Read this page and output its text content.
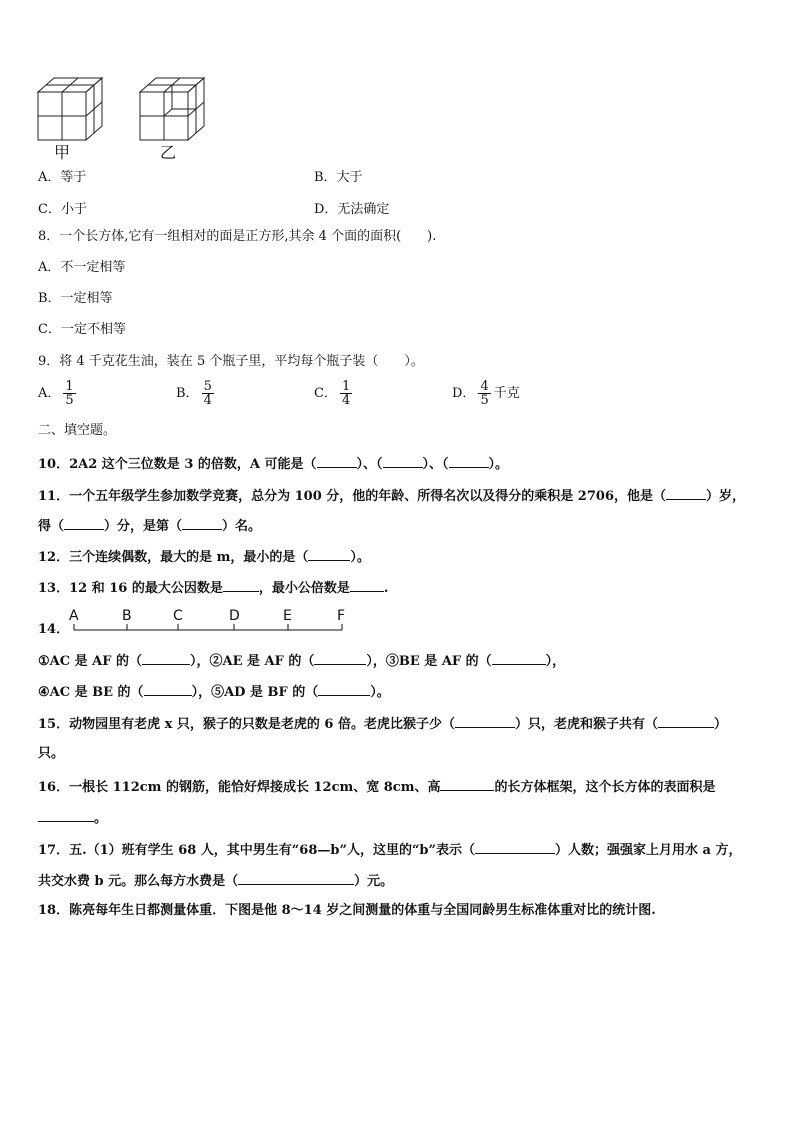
甲	乙
A．等于	B．大于
C．小于	D．无法确定
8．一个长方体,它有一组相对的面是正方形,其余 4 个面的面积(　　).
A．不一定相等
B．一定相等
C．一定不相等
9．将 4 千克花生油，装在 5 个瓶子里，平均每个瓶子装（　　）。
A． $\frac{1}{5}$	B． $\frac{5}{4}$	C． $\frac{1}{4}$	D． $\frac{4}{5}$ 千克
二、填空题。
10．2A2 这个三位数是 3 的倍数，A 可能是（	）、（	）、（	）。
11．一个五年级学生参加数学竞赛，总分为 100 分，他的年龄、所得名次以及得分的乘积是 2706，他是（	）岁，
得（	）分，是第（	）名。
12．三个连续偶数，最大的是 m，最小的是（	）。
13．12 和 16 的最大公因数是	，最小公倍数是	.
14．
A	B	C	D	E	F
①AC 是 AF 的（	），②AE 是 AF 的（	），③BE 是 AF 的（	），
④AC 是 BE 的（	），⑤AD 是 BF 的（	）。
15．动物园里有老虎 x 只，猴子的只数是老虎的 6 倍。老虎比猴子少（	）只，老虎和猴子共有（	）
只。
16．一根长 112cm 的钢筋，能恰好焊接成长 12cm、宽 8cm、高	的长方体框架，这个长方体的表面积是
。
17．五.（1）班有学生 68 人，其中男生有“68—b”人，这里的“b”表示（	）人数；强强家上月用水 a 方，
共交水费 b 元。那么每方水费是（	）元。
18．陈亮每年生日都测量体重．下图是他 8～14 岁之间测量的体重与全国同龄男生标准体重对比的统计图.
